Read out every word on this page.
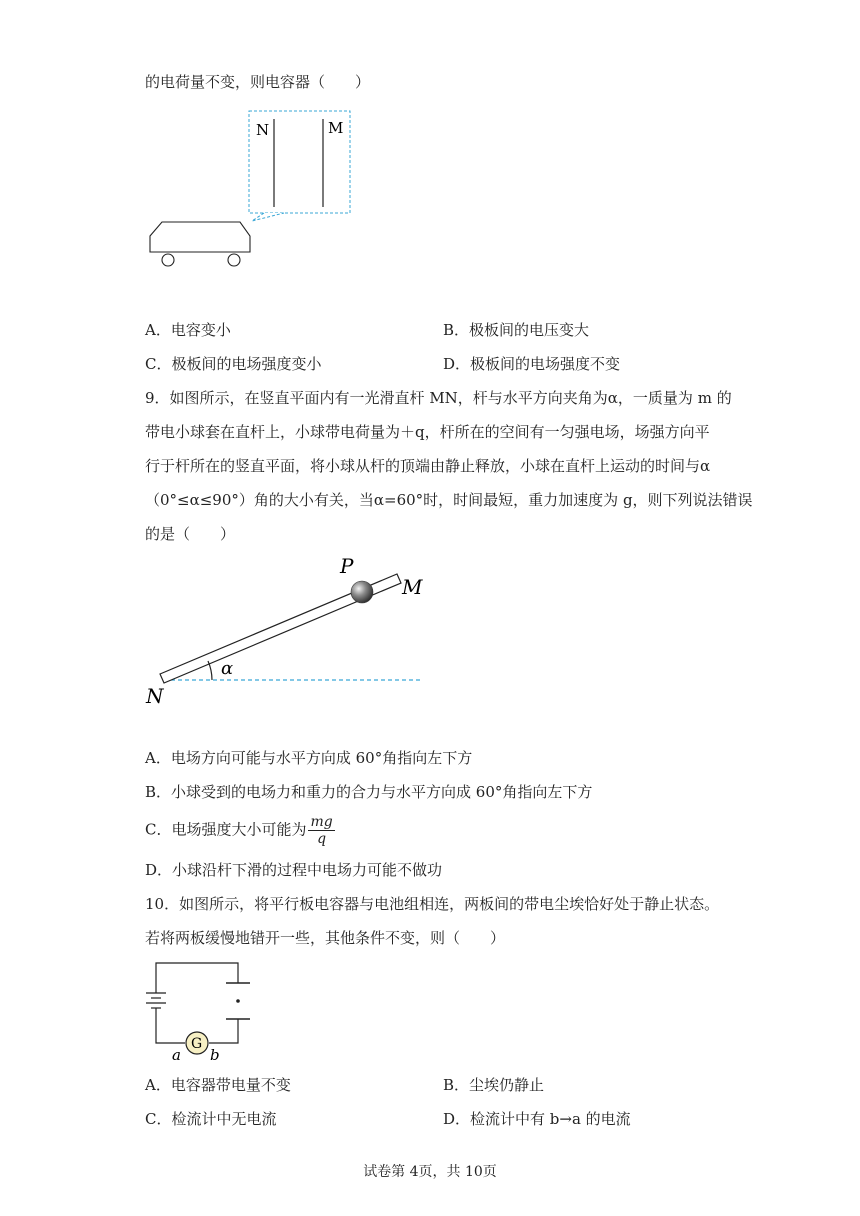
的电荷量不变，则电容器（　　）
N	M
A．电容变小	B．极板间的电压变大
C．极板间的电场强度变小	D．极板间的电场强度不变
9．如图所示，在竖直平面内有一光滑直杆 MN，杆与水平方向夹角为α，一质量为 m 的
带电小球套在直杆上，小球带电荷量为＋q，杆所在的空间有一匀强电场，场强方向平
行于杆所在的竖直平面，将小球从杆的顶端由静止释放，小球在直杆上运动的时间与α
（0°≤α≤90°）角的大小有关，当α=60°时，时间最短，重力加速度为 g，则下列说法错误
的是（　　）
P
M
N
α
A．电场方向可能与水平方向成 60°角指向左下方
B．小球受到的电场力和重力的合力与水平方向成 60°角指向左下方
C．电场强度大小可能为 $\frac{mg}{q}$
D．小球沿杆下滑的过程中电场力可能不做功
10．如图所示，将平行板电容器与电池组相连，两板间的带电尘埃恰好处于静止状态。
若将两板缓慢地错开一些，其他条件不变，则（　　）
G
a b
A．电容器带电量不变	B．尘埃仍静止
C．检流计中无电流	D．检流计中有 b→a 的电流
试卷第 4页，共 10页
